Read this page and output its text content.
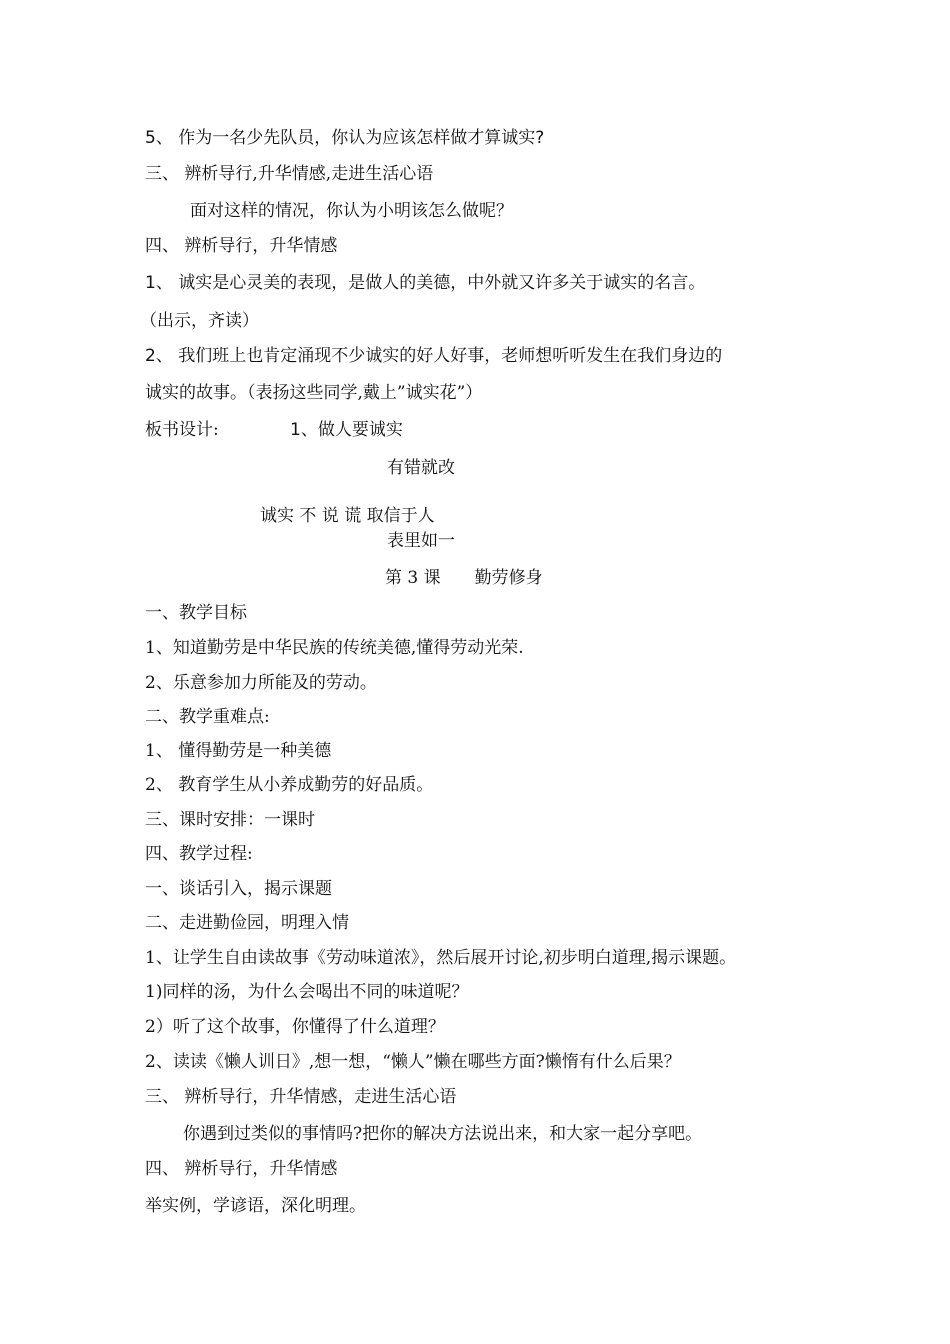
5、 作为一名少先队员，你认为应该怎样做才算诚实?
三、 辨析导行,升华情感,走进生活心语
面对这样的情况，你认为小明该怎么做呢？
四、 辨析导行，升华情感
1、 诚实是心灵美的表现，是做人的美德，中外就又许多关于诚实的名言。
（出示，齐读）
2、 我们班上也肯定涌现不少诚实的好人好事，老师想听听发生在我们身边的
诚实的故事。（表扬这些同学,戴上”诚实花”）
板书设计:	1、做人要诚实
有错就改
诚实 不 说 谎 取信于人
表里如一
第 3 课　　勤劳修身
一、教学目标
1、知道勤劳是中华民族的传统美德,懂得劳动光荣.
2、乐意参加力所能及的劳动。
二、教学重难点:
1、 懂得勤劳是一种美德
2、 教育学生从小养成勤劳的好品质。
三、课时安排：一课时
四、教学过程:
一、谈话引入，揭示课题
二、走进勤俭园，明理入情
1、让学生自由读故事《劳动味道浓》，然后展开讨论,初步明白道理,揭示课题。
1)同样的汤，为什么会喝出不同的味道呢？
2）听了这个故事，你懂得了什么道理？
2、读读《懒人训日》,想一想，“懒人”懒在哪些方面?懒惰有什么后果？
三、 辨析导行，升华情感，走进生活心语
你遇到过类似的事情吗?把你的解决方法说出来，和大家一起分享吧。
四、 辨析导行，升华情感
举实例，学谚语，深化明理。
